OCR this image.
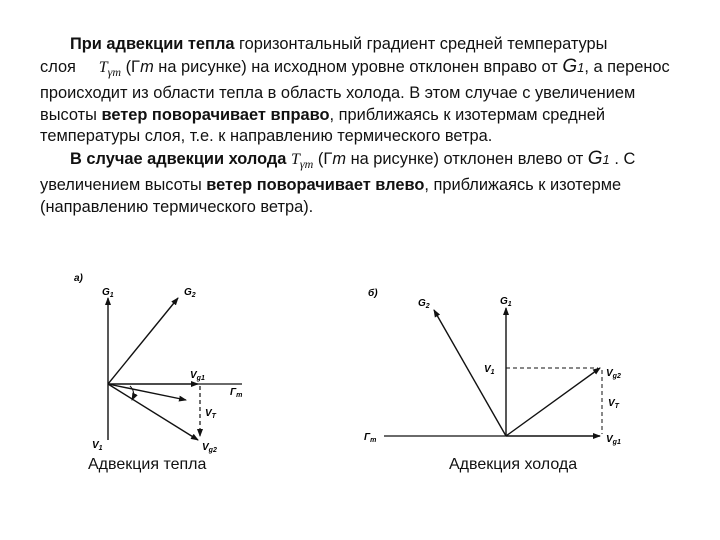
При адвекции тепла горизонтальный градиент средней температуры
слоя $T_{\gamma m}$ (Γm на рисунке) на исходном уровне отклонен вправо от G1, а перенос происходит из области тепла в область холода. В этом случае с увеличением высоты ветер поворачивает вправо, приближаясь к изотермам средней температуры слоя, т.е. к направлению термического ветра.

В случае адвекции холода $T_{\gamma m}$ (Γm на рисунке) отклонен влево от G1 . С увеличением высоты ветер поворачивает влево, приближаясь к изотерме (направлению термического ветра).

а)
$G_1$	$G_2$
$V_{g1}$
$\Gamma_m$
$V_T$
$V_{g2}$
$V_1$
б)
$G_2$	$G_1$
$V_1$	$V_{g2}$
$V_T$
$V_{g1}$
$\Gamma_m$
Адвекция тепла	Адвекция холода
